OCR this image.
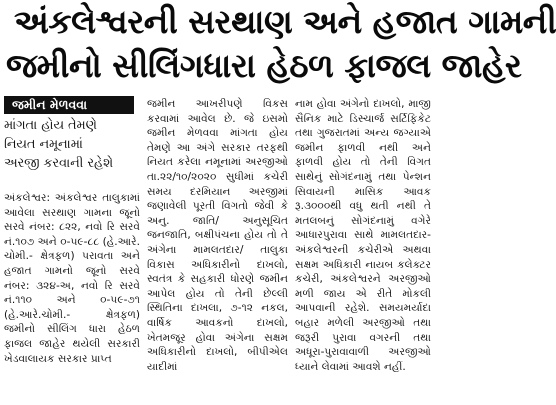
અંકલેશ્વરની સરથાણ અને હજાત ગામની
જમીનો સીલિંગધારા હેઠળ ફાજલ જાહેર
જમીન મેળવવા
માંગતા હોય તેમણે
નિયત નમૂનામાં
અરજી કરવાની રહેશે

અંકલેશ્વર: અંકલેશ્વર તાલુકામાં આવેલા સરથાણ ગામના જૂનો સરવે નંબર: ૮૨૨, નવો રિ સરવે નં.૧૦૭ અને ૦-૫૯-૮૮ (હે.આરે. ચોમી.- ક્ષેત્રફળ) પરાવતા અને હજાત ગામનો જૂનો સરવે નંબર: ૩૨૪-અ, નવો રિ સરવે નં.૧૧૦ અને ૦-૫૯-૭૧ (હે.આરે.ચોમી.- ક્ષેત્રફળ) જમીનો સીલિંગ ધારા હેઠળ ફાજલ જાહેર થયેલી સરકારી ખેડવાલાયક સરકાર પ્રાપ્ત

જમીન આખરીપણે વિકસ કરવામાં આવેલ છે. જે ઇસમો જમીન મેળવવા માંગતા હોય તેમણે આ અંગે સરકાર તરફથી નિયત કરેલા નમૂનામાં અરજીઓ તા.૨૨/૧૦/૨૦૨૦ સુધીમાં કચેરી સમય દરમિયાન અરજીમાં જણાવેલી પૂરતી વિગતો જેવી કે અનુ. જાતિ/ અનુસૂચિત જનજાતિ, બક્ષીપંચના હોય તો તે અંગેના મામલતદાર/ તાલુકા વિકાસ અધિકારીનો દાખલો, સ્વતંત્ર કે સહકારી ધોરણે જમીન આપેલ હોય તો તેની છેલ્લી સ્થિતિના દાખલા, ૭-૧૨ નકલ, વાર્ષિક આવકનો દાખલો, ખેતમજૂર હોવા અંગેના સક્ષમ અધિકારીનો દાખલો, બીપીએલ યાદીમાં

નામ હોવા અંગેનો દાખલો, માજી સૈનિક માટે ડિસ્ચાર્જ સર્ટિફિકેટ તથા ગુજરાતમાં અન્ય જગ્યાએ જમીન ફાળવી નથી અને ફાળવી હોય તો તેની વિગત સાથેનું સોગંદનામું તથા પેન્શન સિવાયની માસિક આવક રૂ.૩૦૦૦થી વધુ થતી નથી તે મતલબનું સોગંદનામું વગેરે આધારપુરાવા સાથે મામલતદાર-અંકલેશ્વરની કચેરીએ અથવા સક્ષમ અધિકારી નાયબ કલેક્ટર કચેરી, અંકલેશ્વરને અરજીઓ મળી જાય એ રીતે મોકલી આપવાની રહેશે. સમયમર્યાદા બહાર મળેલી અરજીઓ તથા જરૂરી પુરાવા વગરની તથા અધૂરા-પુરાવાવાળી અરજીઓ ધ્યાને લેવામાં આવશે નહીં.
